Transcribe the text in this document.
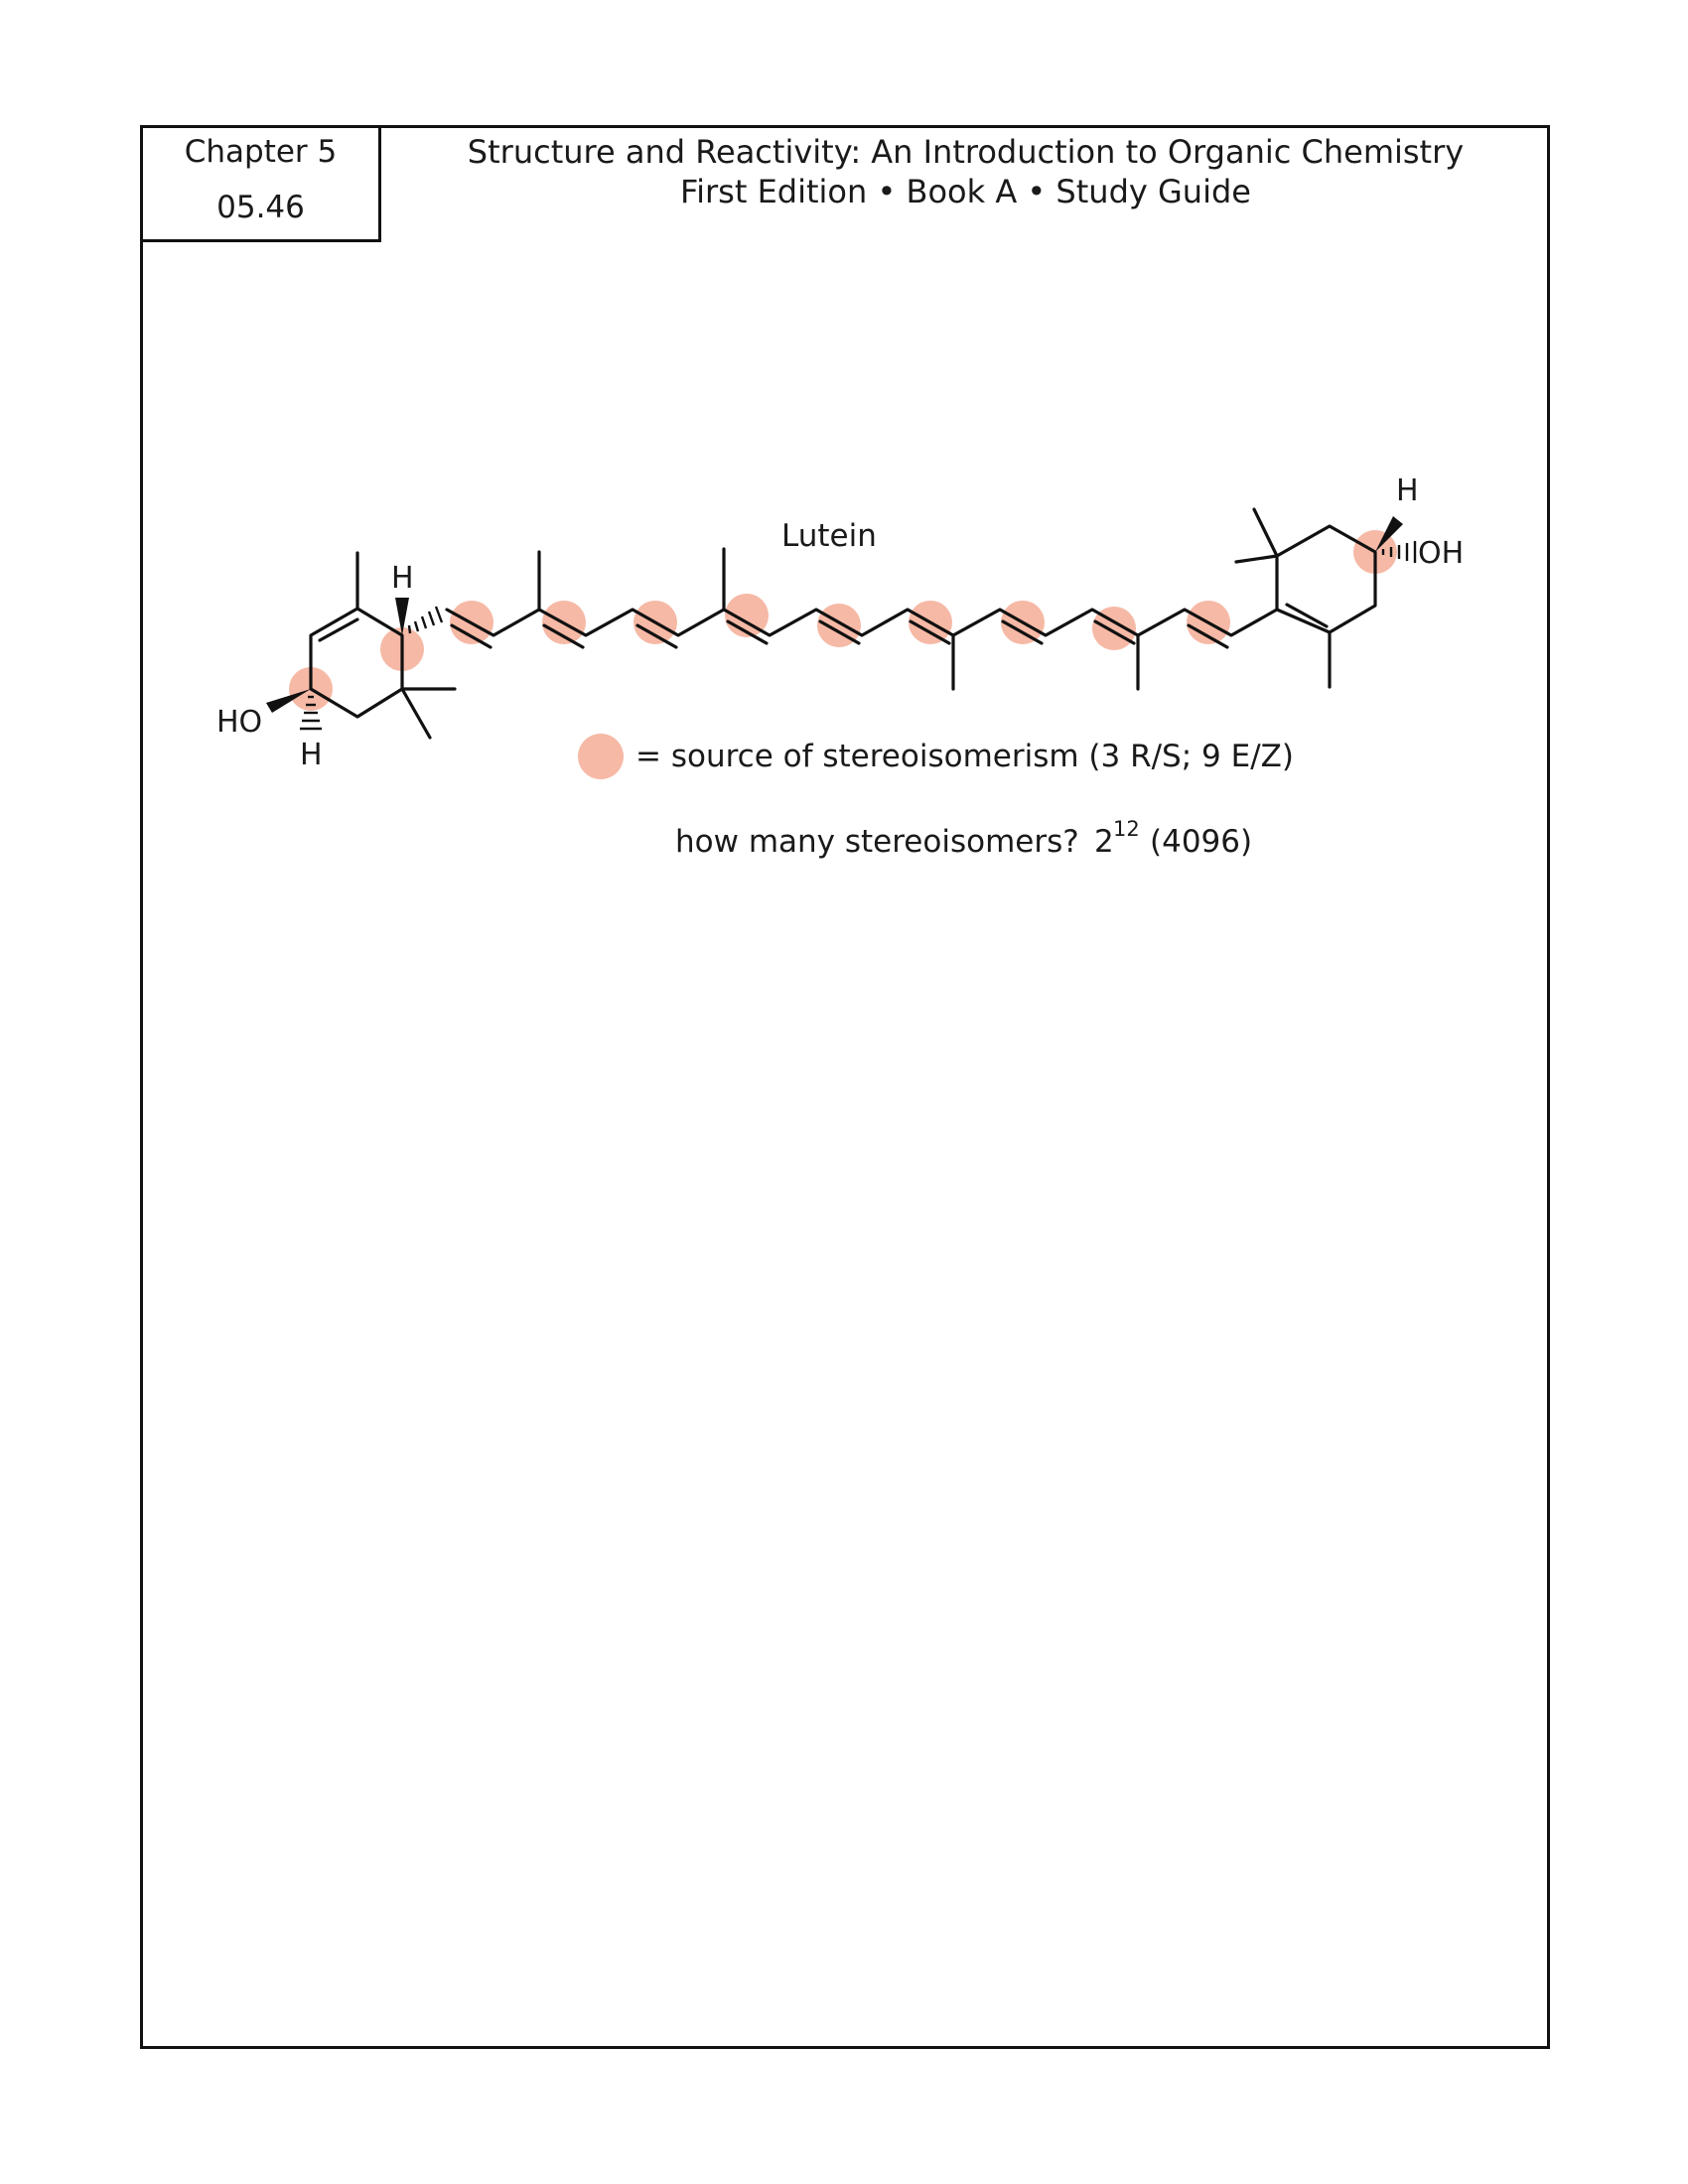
Chapter 5
05.46
Structure and Reactivity: An Introduction to Organic Chemistry
First Edition • Book A • Study Guide
HO
H
H
H
OH
Lutein
= source of stereoisomerism (3 R/S; 9 E/Z)
how many stereoisomers? 2 12 (4096)
